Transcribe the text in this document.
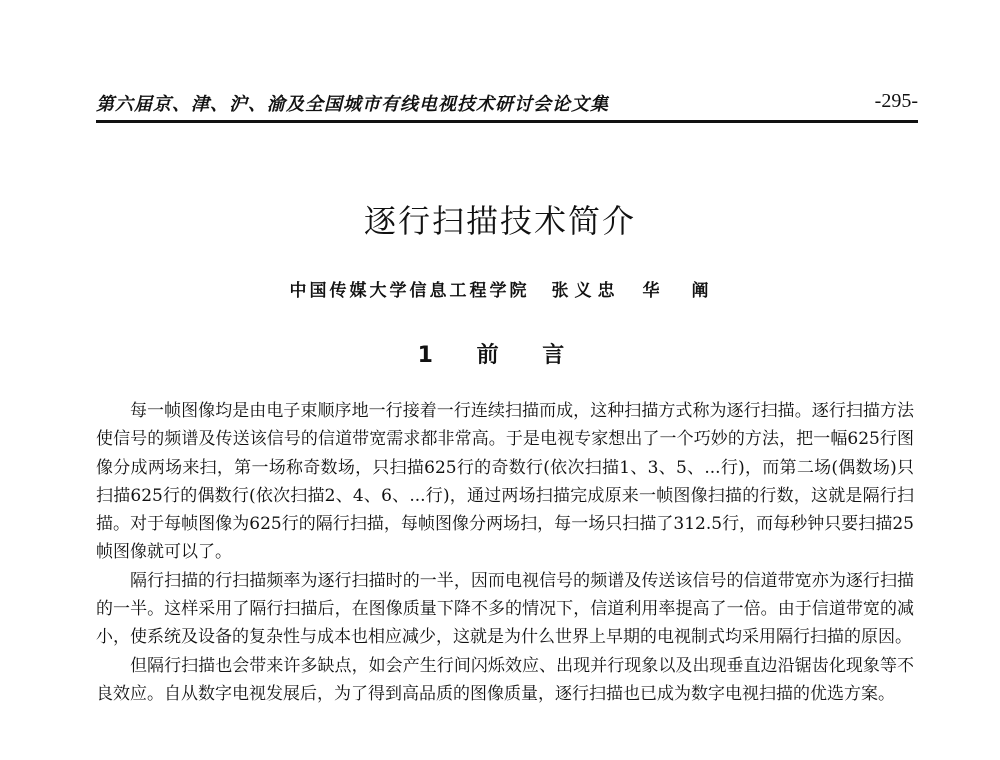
第六届京、津、沪、渝及全国城市有线电视技术研讨会论文集	-295-
逐行扫描技术简介
中国传媒大学信息工程学院 张义忠 华 阐
1 前 言

每一帧图像均是由电子束顺序地一行接着一行连续扫描而成，这种扫描方式称为逐行扫描。逐行扫描方法使信号的频谱及传送该信号的信道带宽需求都非常高。于是电视专家想出了一个巧妙的方法，把一幅625行图像分成两场来扫，第一场称奇数场，只扫描625行的奇数行(依次扫描1、3、5、...行)，而第二场(偶数场)只扫描625行的偶数行(依次扫描2、4、6、...行)，通过两场扫描完成原来一帧图像扫描的行数，这就是隔行扫描。对于每帧图像为625行的隔行扫描，每帧图像分两场扫，每一场只扫描了312.5行，而每秒钟只要扫描25帧图像就可以了。

隔行扫描的行扫描频率为逐行扫描时的一半，因而电视信号的频谱及传送该信号的信道带宽亦为逐行扫描的一半。这样采用了隔行扫描后，在图像质量下降不多的情况下，信道利用率提高了一倍。由于信道带宽的减小，使系统及设备的复杂性与成本也相应减少，这就是为什么世界上早期的电视制式均采用隔行扫描的原因。

但隔行扫描也会带来许多缺点，如会产生行间闪烁效应、出现并行现象以及出现垂直边沿锯齿化现象等不良效应。自从数字电视发展后，为了得到高品质的图像质量，逐行扫描也已成为数字电视扫描的优选方案。
